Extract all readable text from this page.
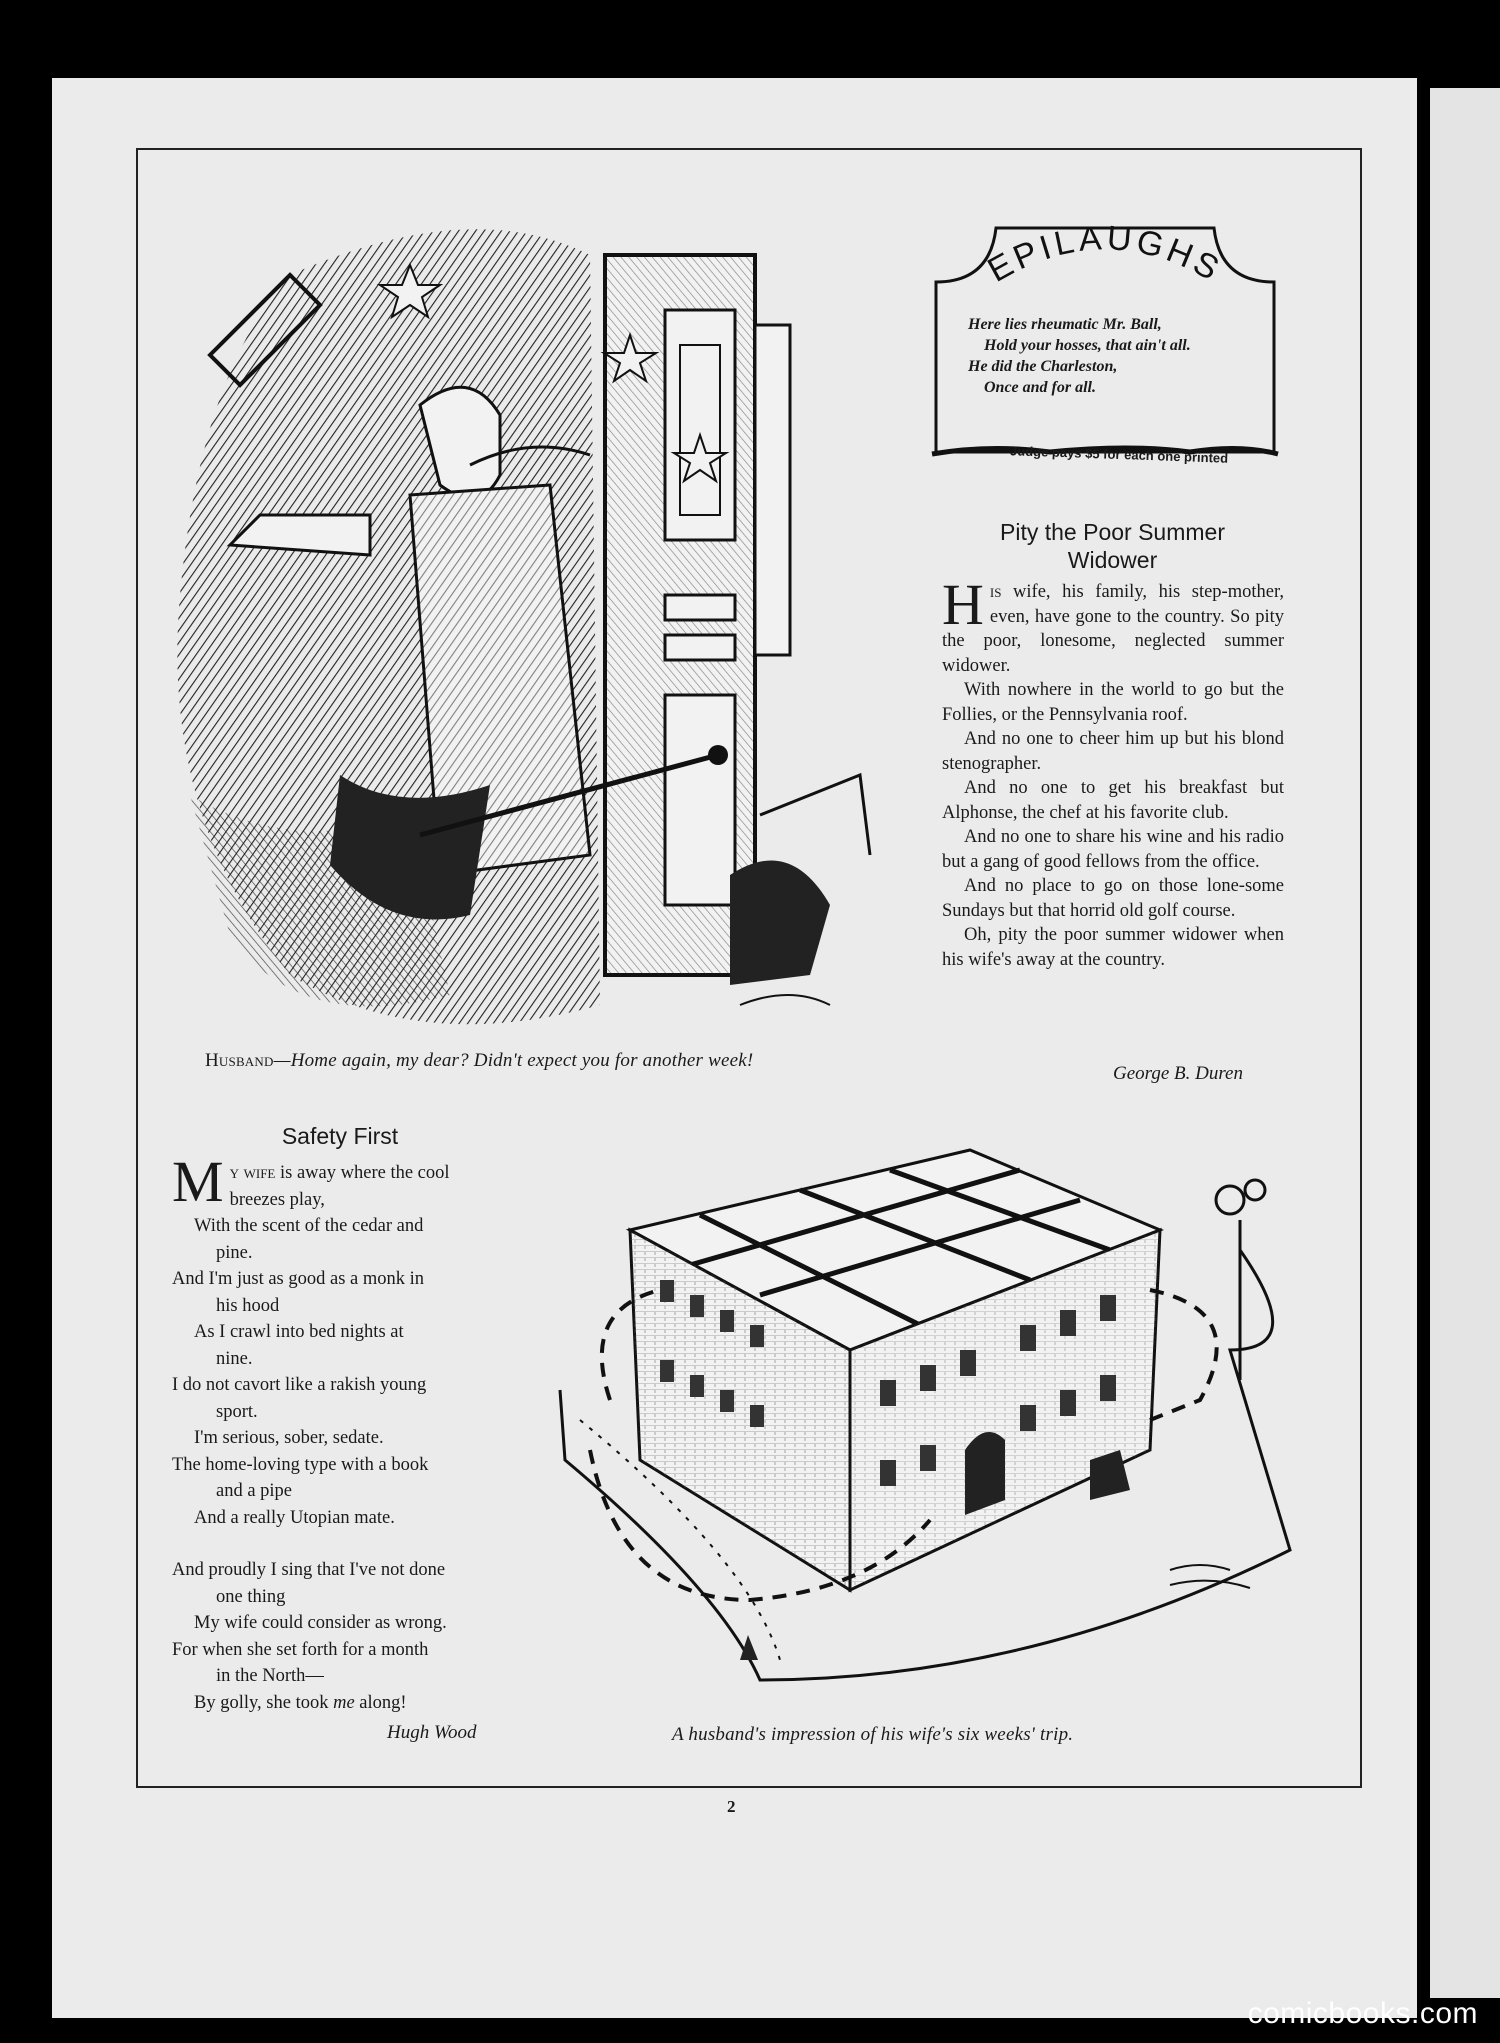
Husband—Home again, my dear? Didn't expect you for another week!
EPILAUGHS
Here lies rheumatic Mr. Ball,
Hold your hosses, that ain't all.
He did the Charleston,
Once and for all.
Judge pays $5 for each one printed
Pity the Poor Summer
Widower

His wife, his family, his step-mother, even, have gone to the country. So pity the poor, lonesome, neglected summer widower.

With nowhere in the world to go but the Follies, or the Pennsylvania roof.

And no one to cheer him up but his blond stenographer.

And no one to get his breakfast but Alphonse, the chef at his favorite club.

And no one to share his wine and his radio but a gang of good fellows from the office.

And no place to go on those lone-some Sundays but that horrid old golf course.

Oh, pity the poor summer widower when his wife's away at the country.

George B. Duren
Safety First
My wife is away where the cool
breezes play,
With the scent of the cedar and
pine.
And I'm just as good as a monk in
his hood
As I crawl into bed nights at
nine.
I do not cavort like a rakish young
sport.
I'm serious, sober, sedate.
The home-loving type with a book
and a pipe
And a really Utopian mate.
And proudly I sing that I've not done
one thing
My wife could consider as wrong.
For when she set forth for a month
in the North—
By golly, she took me along!
Hugh Wood	A husband's impression of his wife's six weeks' trip.
2
comicbooks.com
